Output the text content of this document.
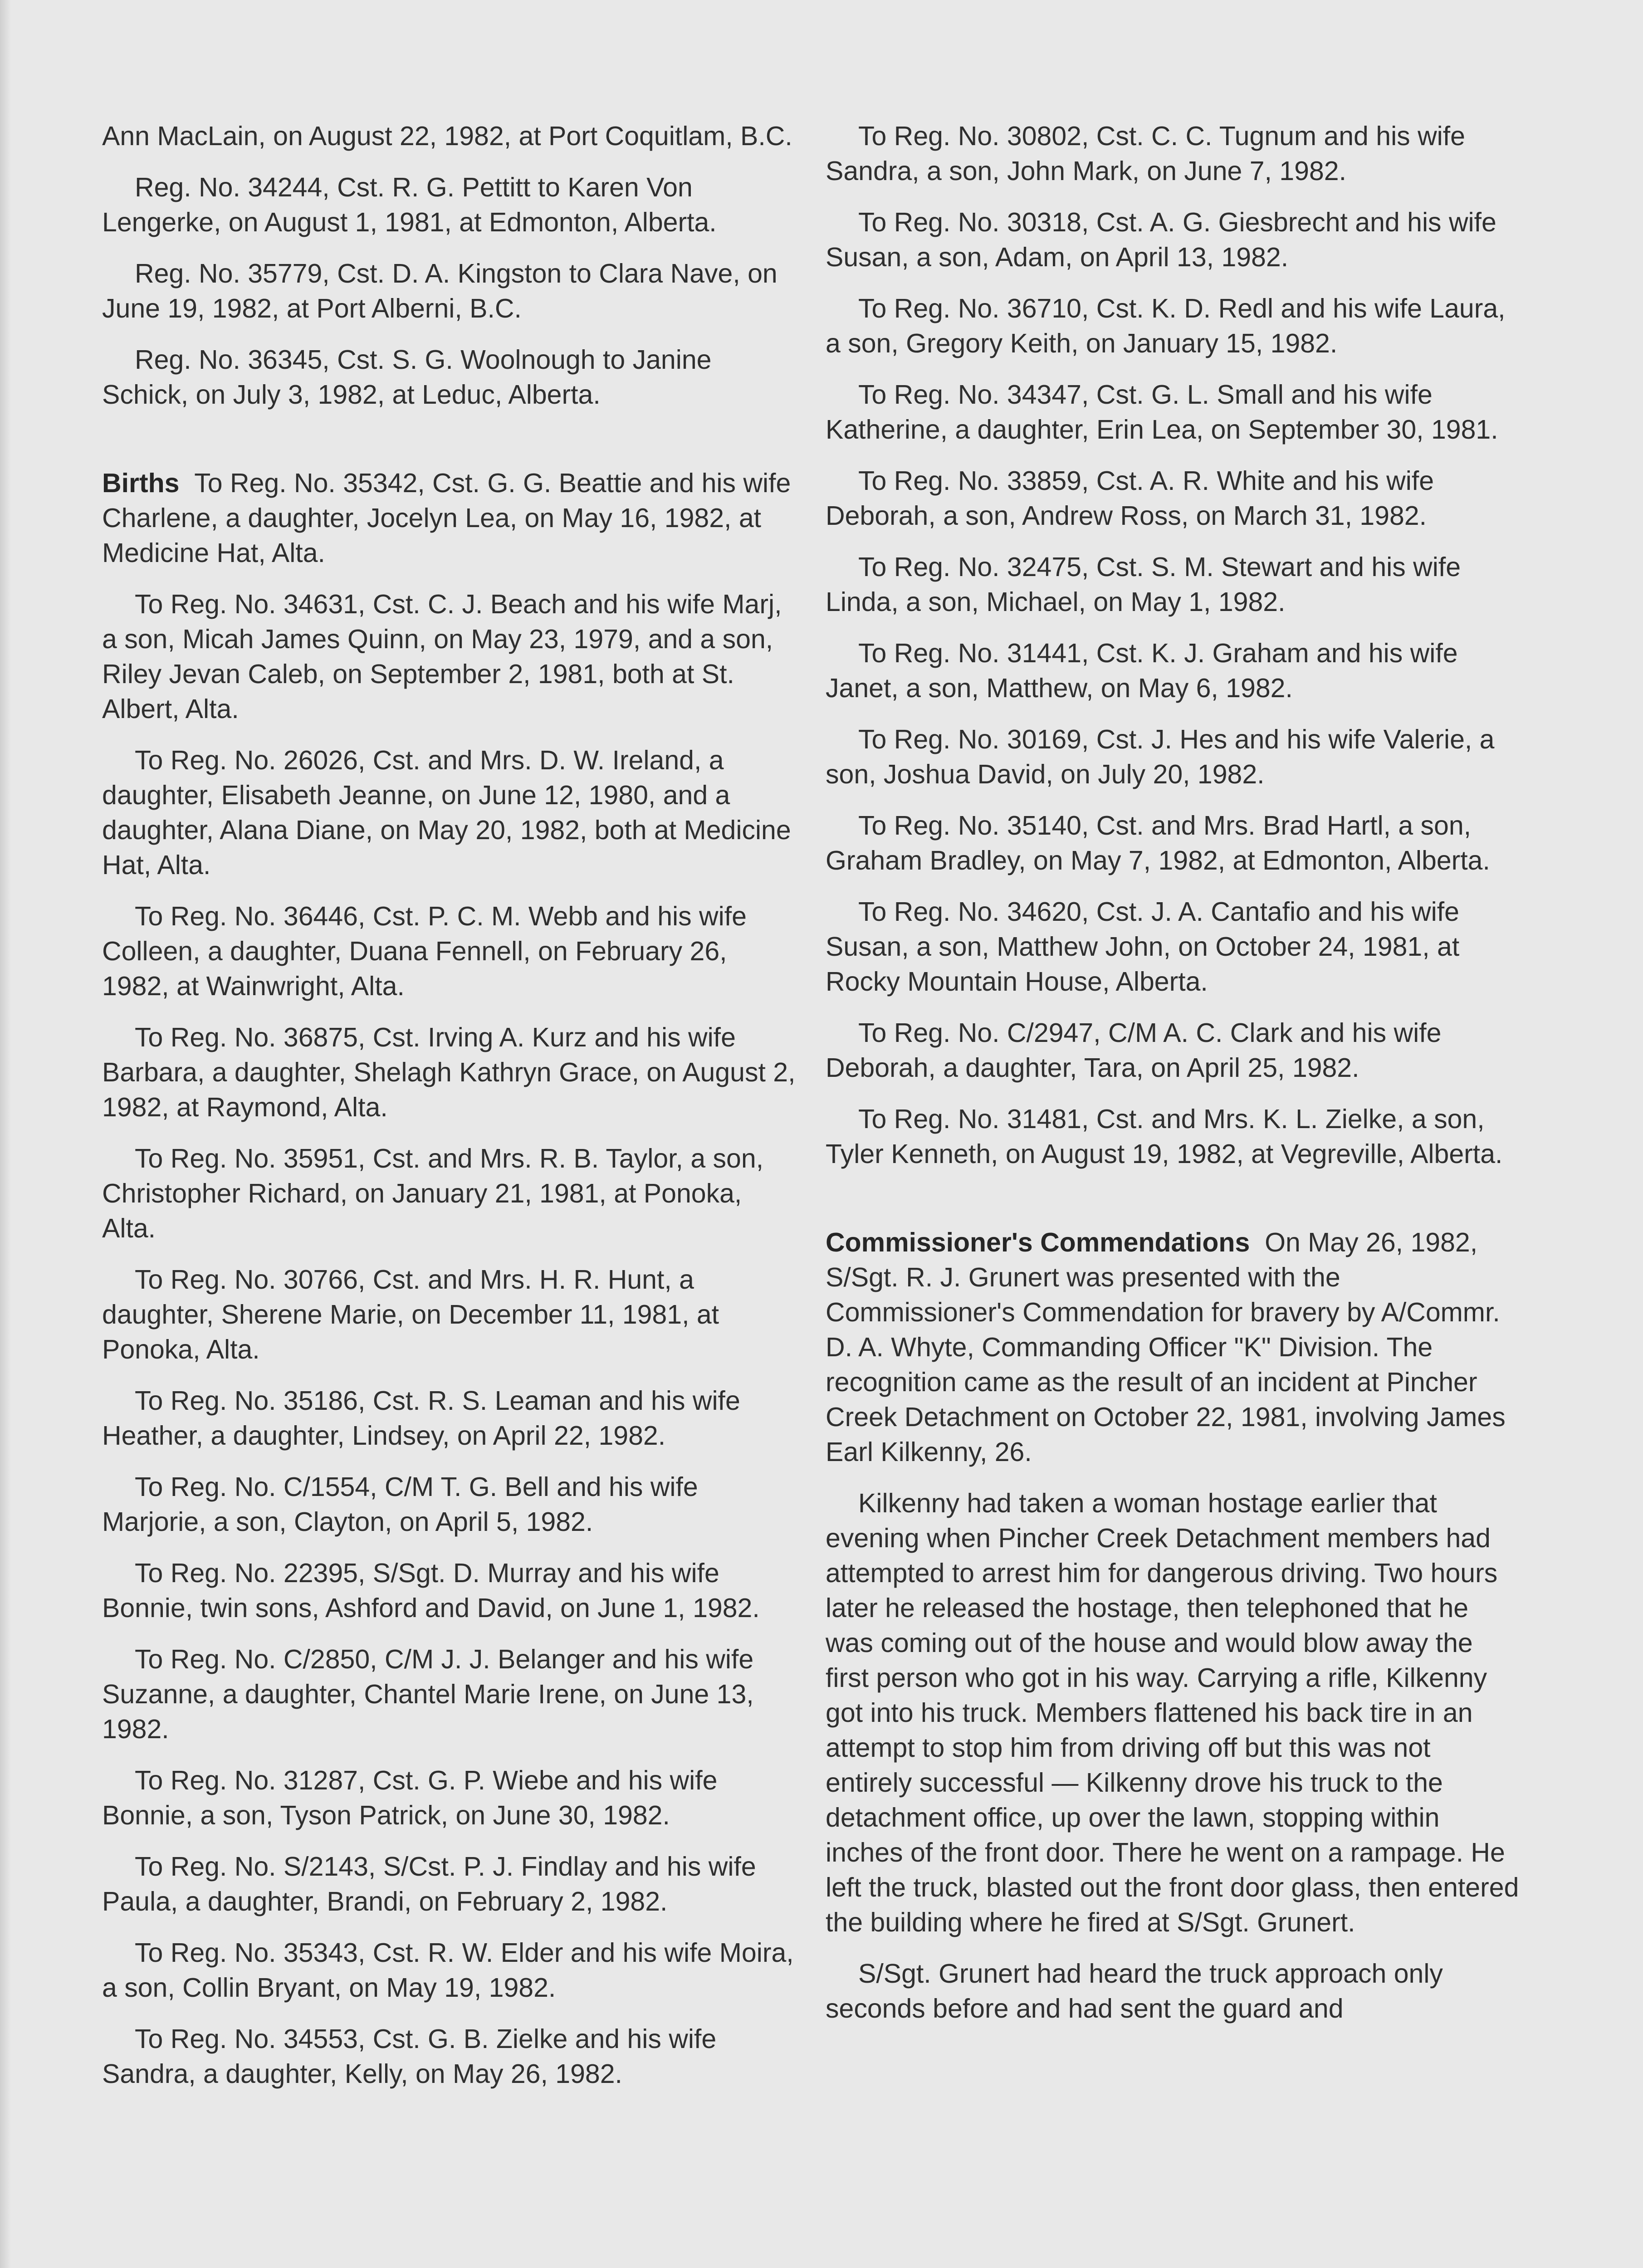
Ann MacLain, on August 22, 1982, at Port Coquitlam, B.C.

Reg. No. 34244, Cst. R. G. Pettitt to Karen Von Lengerke, on August 1, 1981, at Edmonton, Alberta.

Reg. No. 35779, Cst. D. A. Kingston to Clara Nave, on June 19, 1982, at Port Alberni, B.C.

Reg. No. 36345, Cst. S. G. Woolnough to Janine Schick, on July 3, 1982, at Leduc, Alberta.

Births To Reg. No. 35342, Cst. G. G. Beattie and his wife Charlene, a daughter, Jocelyn Lea, on May 16, 1982, at Medicine Hat, Alta.

To Reg. No. 34631, Cst. C. J. Beach and his wife Marj, a son, Micah James Quinn, on May 23, 1979, and a son, Riley Jevan Caleb, on September 2, 1981, both at St. Albert, Alta.

To Reg. No. 26026, Cst. and Mrs. D. W. Ireland, a daughter, Elisabeth Jeanne, on June 12, 1980, and a daughter, Alana Diane, on May 20, 1982, both at Medicine Hat, Alta.

To Reg. No. 36446, Cst. P. C. M. Webb and his wife Colleen, a daughter, Duana Fennell, on February 26, 1982, at Wainwright, Alta.

To Reg. No. 36875, Cst. Irving A. Kurz and his wife Barbara, a daughter, Shelagh Kathryn Grace, on August 2, 1982, at Raymond, Alta.

To Reg. No. 35951, Cst. and Mrs. R. B. Taylor, a son, Christopher Richard, on January 21, 1981, at Ponoka, Alta.

To Reg. No. 30766, Cst. and Mrs. H. R. Hunt, a daughter, Sherene Marie, on December 11, 1981, at Ponoka, Alta.

To Reg. No. 35186, Cst. R. S. Leaman and his wife Heather, a daughter, Lindsey, on April 22, 1982.

To Reg. No. C/1554, C/M T. G. Bell and his wife Marjorie, a son, Clayton, on April 5, 1982.

To Reg. No. 22395, S/Sgt. D. Murray and his wife Bonnie, twin sons, Ashford and David, on June 1, 1982.

To Reg. No. C/2850, C/M J. J. Belanger and his wife Suzanne, a daughter, Chantel Marie Irene, on June 13, 1982.

To Reg. No. 31287, Cst. G. P. Wiebe and his wife Bonnie, a son, Tyson Patrick, on June 30, 1982.

To Reg. No. S/2143, S/Cst. P. J. Findlay and his wife Paula, a daughter, Brandi, on February 2, 1982.

To Reg. No. 35343, Cst. R. W. Elder and his wife Moira, a son, Collin Bryant, on May 19, 1982.

To Reg. No. 34553, Cst. G. B. Zielke and his wife Sandra, a daughter, Kelly, on May 26, 1982.

To Reg. No. 30802, Cst. C. C. Tugnum and his wife Sandra, a son, John Mark, on June 7, 1982.

To Reg. No. 30318, Cst. A. G. Giesbrecht and his wife Susan, a son, Adam, on April 13, 1982.

To Reg. No. 36710, Cst. K. D. Redl and his wife Laura, a son, Gregory Keith, on January 15, 1982.

To Reg. No. 34347, Cst. G. L. Small and his wife Katherine, a daughter, Erin Lea, on September 30, 1981.

To Reg. No. 33859, Cst. A. R. White and his wife Deborah, a son, Andrew Ross, on March 31, 1982.

To Reg. No. 32475, Cst. S. M. Stewart and his wife Linda, a son, Michael, on May 1, 1982.

To Reg. No. 31441, Cst. K. J. Graham and his wife Janet, a son, Matthew, on May 6, 1982.

To Reg. No. 30169, Cst. J. Hes and his wife Valerie, a son, Joshua David, on July 20, 1982.

To Reg. No. 35140, Cst. and Mrs. Brad Hartl, a son, Graham Bradley, on May 7, 1982, at Edmonton, Alberta.

To Reg. No. 34620, Cst. J. A. Cantafio and his wife Susan, a son, Matthew John, on October 24, 1981, at Rocky Mountain House, Alberta.

To Reg. No. C/2947, C/M A. C. Clark and his wife Deborah, a daughter, Tara, on April 25, 1982.

To Reg. No. 31481, Cst. and Mrs. K. L. Zielke, a son, Tyler Kenneth, on August 19, 1982, at Vegreville, Alberta.

Commissioner's Commendations On May 26, 1982, S/Sgt. R. J. Grunert was presented with the Commissioner's Commendation for bravery by A/Commr. D. A. Whyte, Commanding Officer "K" Division. The recognition came as the result of an incident at Pincher Creek Detachment on October 22, 1981, involving James Earl Kilkenny, 26.

Kilkenny had taken a woman hostage earlier that evening when Pincher Creek Detachment members had attempted to arrest him for dangerous driving. Two hours later he released the hostage, then telephoned that he was coming out of the house and would blow away the first person who got in his way. Carrying a rifle, Kilkenny got into his truck. Members flattened his back tire in an attempt to stop him from driving off but this was not entirely successful — Kilkenny drove his truck to the detachment office, up over the lawn, stopping within inches of the front door. There he went on a rampage. He left the truck, blasted out the front door glass, then entered the building where he fired at S/Sgt. Grunert.

S/Sgt. Grunert had heard the truck approach only seconds before and had sent the guard and
